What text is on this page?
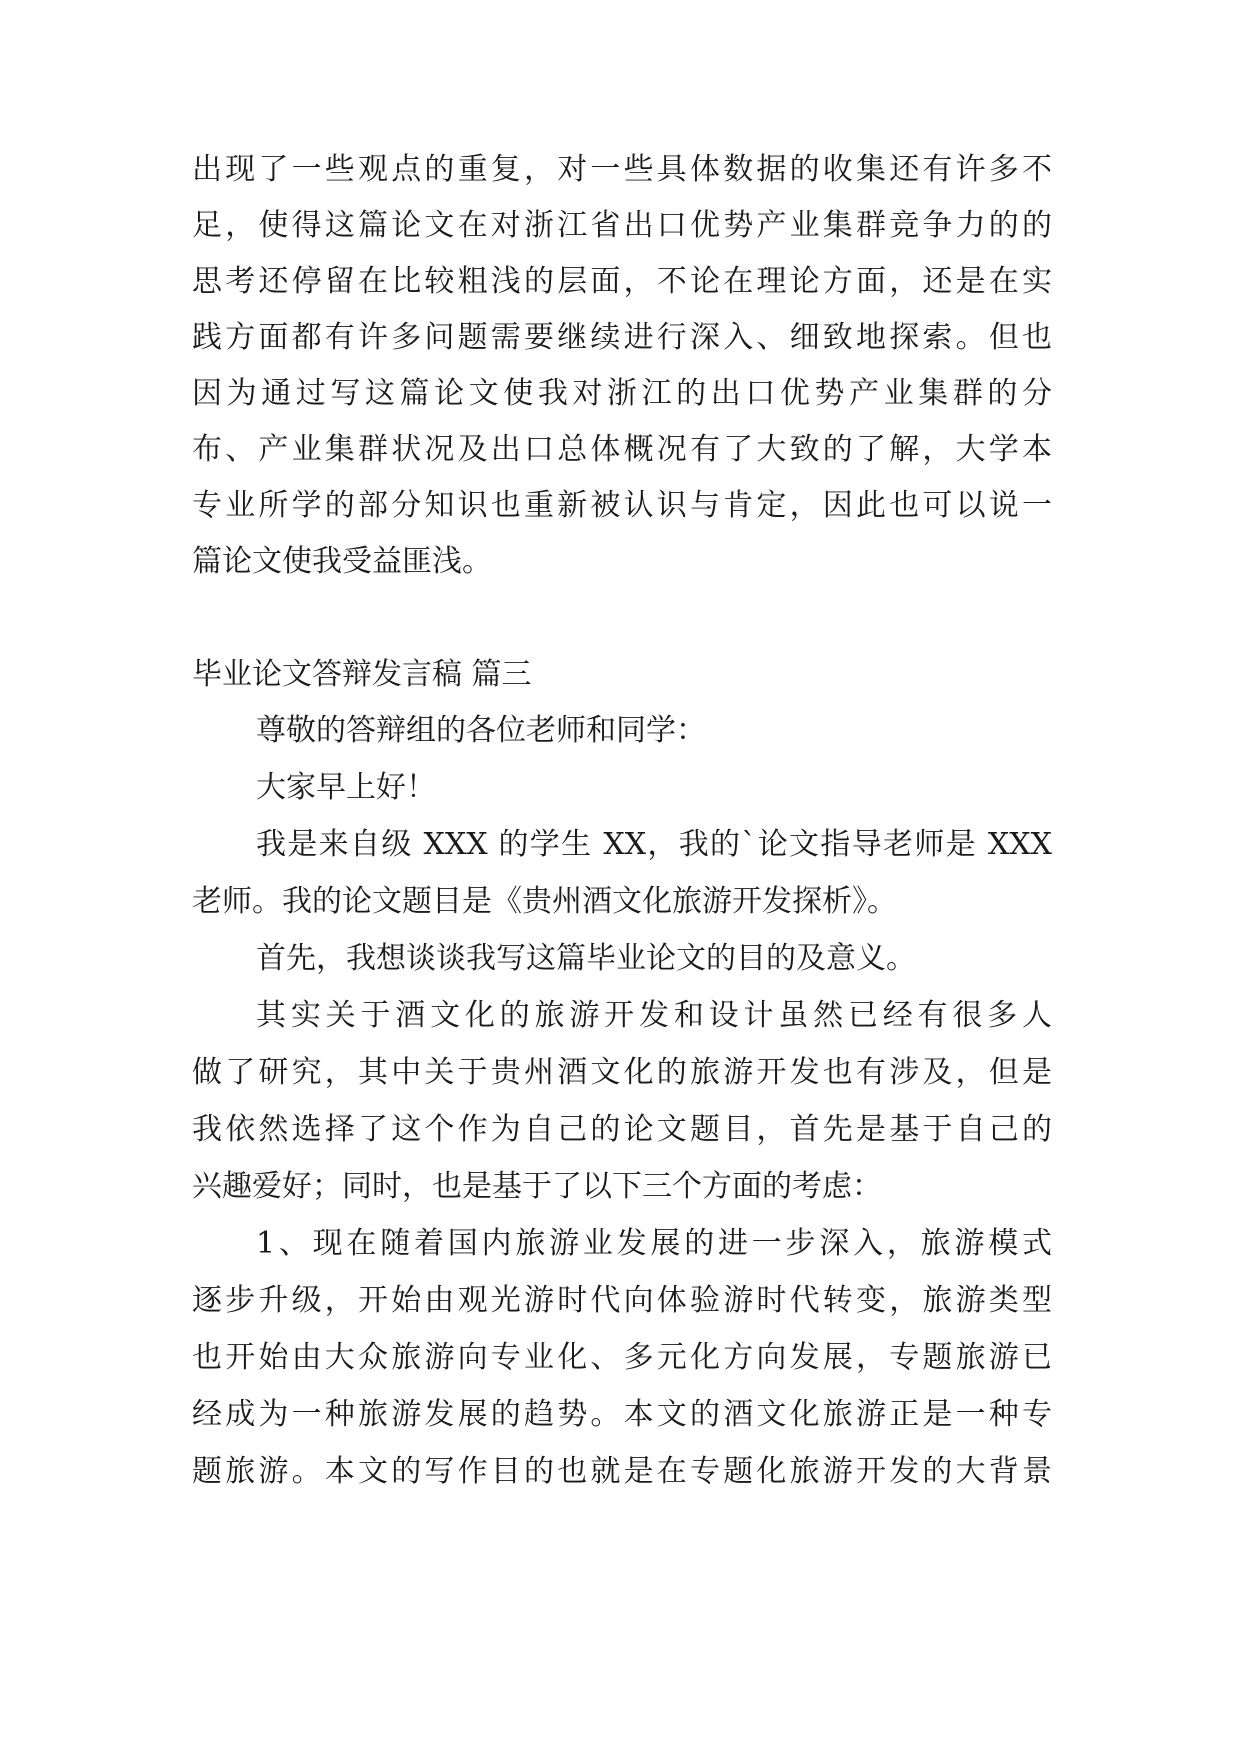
出现了一些观点的重复，对一些具体数据的收集还有许多不
足，使得这篇论文在对浙江省出口优势产业集群竞争力的的
思考还停留在比较粗浅的层面，不论在理论方面，还是在实
践方面都有许多问题需要继续进行深入、细致地探索。但也
因为通过写这篇论文使我对浙江的出口优势产业集群的分
布、产业集群状况及出口总体概况有了大致的了解，大学本
专业所学的部分知识也重新被认识与肯定，因此也可以说一
篇论文使我受益匪浅。
毕业论文答辩发言稿 篇三
尊敬的答辩组的各位老师和同学：
大家早上好！
我是来自级 XXX 的学生 XX，我的`论文指导老师是 XXX
老师。我的论文题目是《贵州酒文化旅游开发探析》。
首先，我想谈谈我写这篇毕业论文的目的及意义。
其实关于酒文化的旅游开发和设计虽然已经有很多人
做了研究，其中关于贵州酒文化的旅游开发也有涉及，但是
我依然选择了这个作为自己的论文题目，首先是基于自己的
兴趣爱好；同时，也是基于了以下三个方面的考虑：
1、现在随着国内旅游业发展的进一步深入，旅游模式
逐步升级，开始由观光游时代向体验游时代转变，旅游类型
也开始由大众旅游向专业化、多元化方向发展，专题旅游已
经成为一种旅游发展的趋势。本文的酒文化旅游正是一种专
题旅游。本文的写作目的也就是在专题化旅游开发的大背景
